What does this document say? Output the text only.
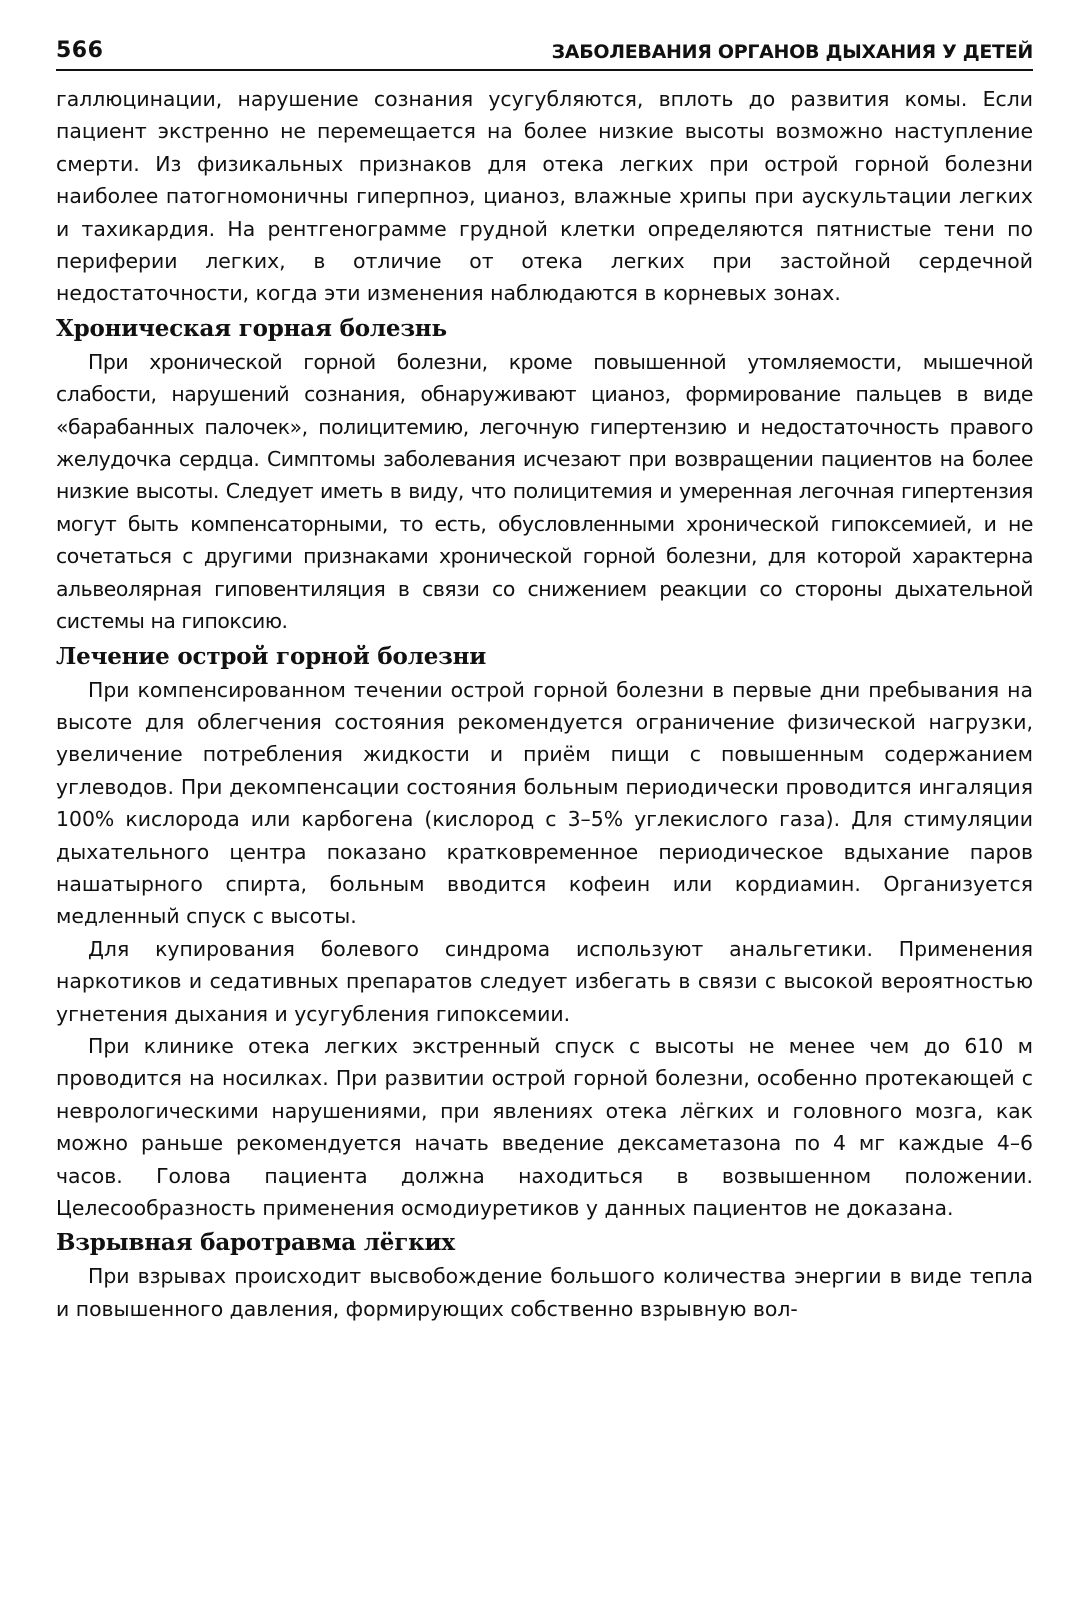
566	ЗАБОЛЕВАНИЯ ОРГАНОВ ДЫХАНИЯ У ДЕТЕЙ

галлюцинации, нарушение сознания усугубляются, вплоть до развития комы. Если пациент экстренно не перемещается на более низкие высоты возможно наступление смерти. Из физикальных признаков для отека легких при острой горной болезни наиболее патогномоничны гиперпноэ, цианоз, влажные хрипы при аускультации легких и тахикардия. На рентгенограмме грудной клетки определяются пятнистые тени по периферии легких, в отличие от отека легких при застойной сердечной недостаточности, когда эти изменения наблюдаются в корневых зонах.

Хроническая горная болезнь

При хронической горной болезни, кроме повышенной утомляемости, мышечной слабости, нарушений сознания, обнаруживают цианоз, формирование пальцев в виде «барабанных палочек», полицитемию, легочную гипертензию и недостаточность правого желудочка сердца. Симптомы заболевания исчезают при возвращении пациентов на более низкие высоты. Следует иметь в виду, что полицитемия и умеренная легочная гипертензия могут быть компенсаторными, то есть, обусловленными хронической гипоксемией, и не сочетаться с другими признаками хронической горной болезни, для которой характерна альвеолярная гиповентиляция в связи со снижением реакции со стороны дыхательной системы на гипоксию.

Лечение острой горной болезни

При компенсированном течении острой горной болезни в первые дни пребывания на высоте для облегчения состояния рекомендуется ограничение физической нагрузки, увеличение потребления жидкости и приём пищи с повышенным содержанием углеводов. При декомпенсации состояния больным периодически проводится ингаляция 100% кислорода или карбогена (кислород с 3–5% углекислого газа). Для стимуляции дыхательного центра показано кратковременное периодическое вдыхание паров нашатырного спирта, больным вводится кофеин или кордиамин. Организуется медленный спуск с высоты.

Для купирования болевого синдрома используют анальгетики. Применения наркотиков и седативных препаратов следует избегать в связи с высокой вероятностью угнетения дыхания и усугубления гипоксемии.

При клинике отека легких экстренный спуск с высоты не менее чем до 610 м проводится на носилках. При развитии острой горной болезни, особенно протекающей с неврологическими нарушениями, при явлениях отека лёгких и головного мозга, как можно раньше рекомендуется начать введение дексаметазона по 4 мг каждые 4–6 часов. Голова пациента должна находиться в возвышенном положении. Целесообразность применения осмодиуретиков у данных пациентов не доказана.

Взрывная баротравма лёгких

При взрывах происходит высвобождение большого количества энергии в виде тепла и повышенного давления, формирующих собственно взрывную вол-
